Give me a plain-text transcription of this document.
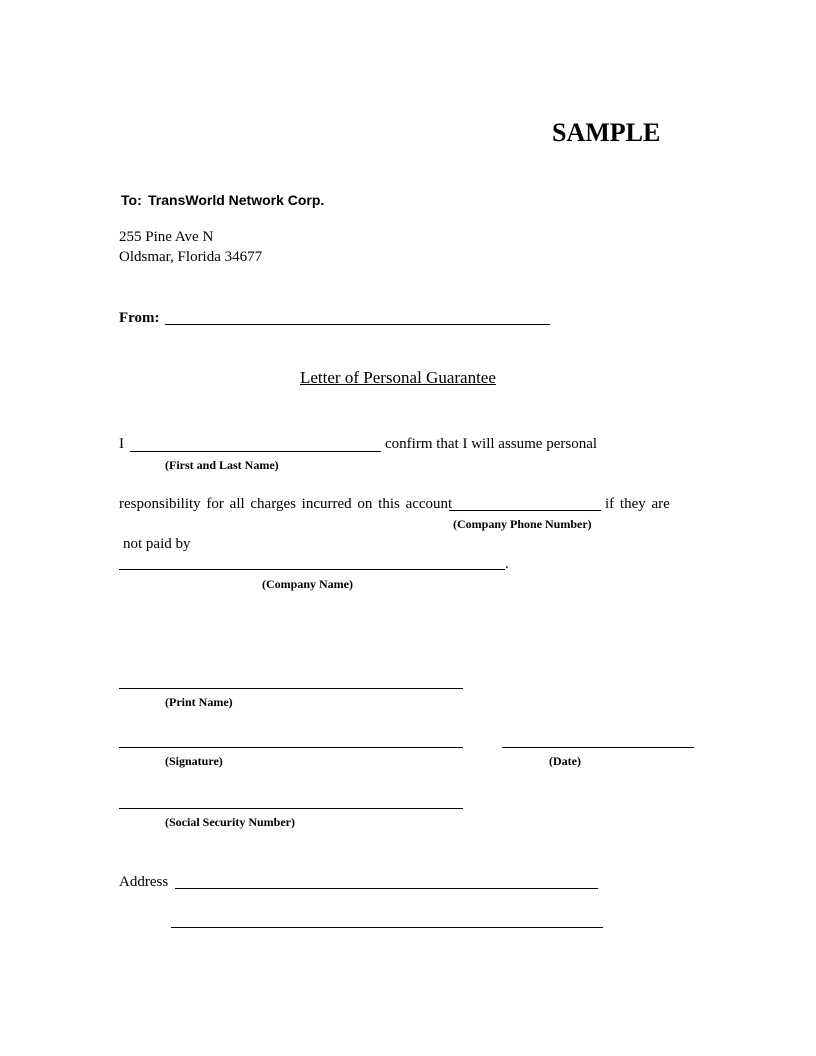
SAMPLE
To: TransWorld Network Corp.
255 Pine Ave N
Oldsmar, Florida 34677
From:
Letter of Personal Guarantee
I	confirm that I will assume personal
(First and Last Name)
responsibility for all charges incurred on this account	if they are
(Company Phone Number)
not paid by
.
(Company Name)
(Print Name)
(Signature)	(Date)
(Social Security Number)
Address
